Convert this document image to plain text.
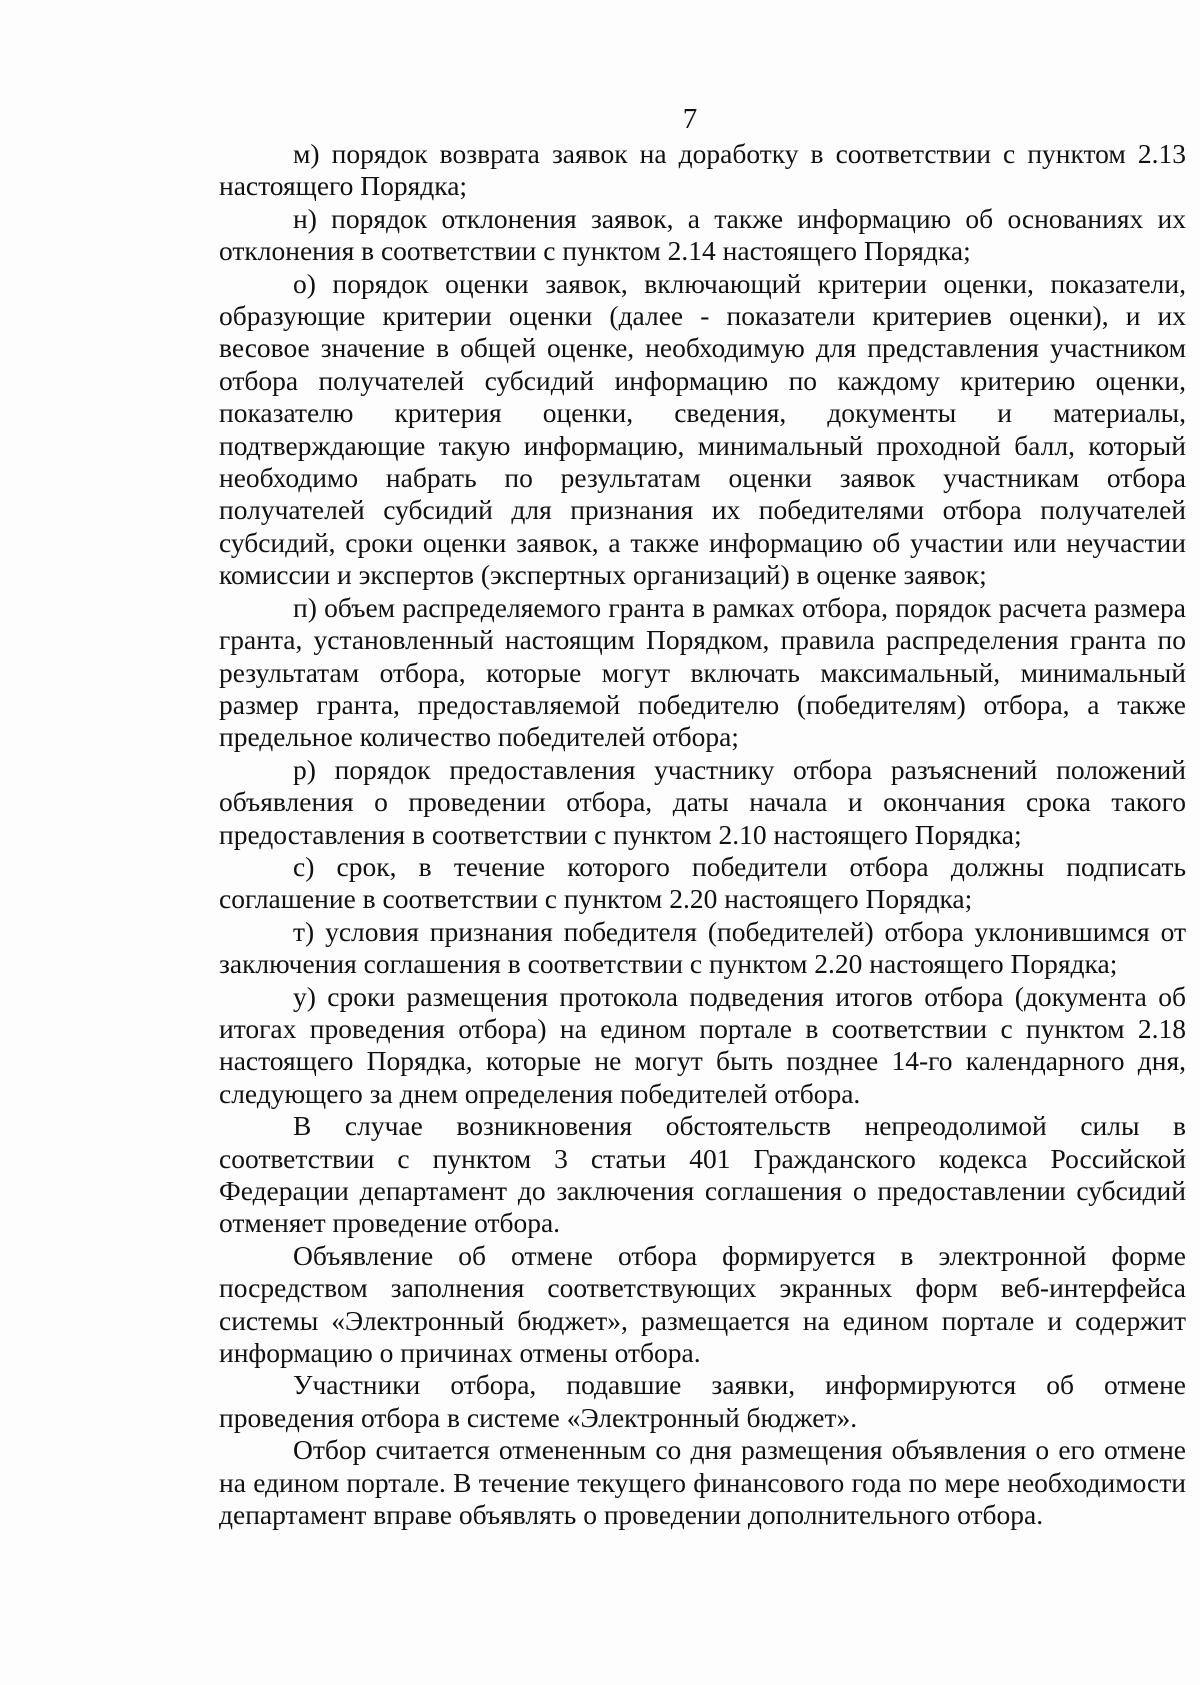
7

м) порядок возврата заявок на доработку в соответствии с пунктом 2.13 настоящего Порядка;

н) порядок отклонения заявок, а также информацию об основаниях их отклонения в соответствии с пунктом 2.14 настоящего Порядка;

о) порядок оценки заявок, включающий критерии оценки, показатели, образующие критерии оценки (далее - показатели критериев оценки), и их весовое значение в общей оценке, необходимую для представления участником отбора получателей субсидий информацию по каждому критерию оценки, показателю критерия оценки, сведения, документы и материалы, подтверждающие такую информацию, минимальный проходной балл, который необходимо набрать по результатам оценки заявок участникам отбора получателей субсидий для признания их победителями отбора получателей субсидий, сроки оценки заявок, а также информацию об участии или неучастии комиссии и экспертов (экспертных организаций) в оценке заявок;

п) объем распределяемого гранта в рамках отбора, порядок расчета размера гранта, установленный настоящим Порядком, правила распределения гранта по результатам отбора, которые могут включать максимальный, минимальный размер гранта, предоставляемой победителю (победителям) отбора, а также предельное количество победителей отбора;

р) порядок предоставления участнику отбора разъяснений положений объявления о проведении отбора, даты начала и окончания срока такого предоставления в соответствии с пунктом 2.10 настоящего Порядка;

с) срок, в течение которого победители отбора должны подписать соглашение в соответствии с пунктом 2.20 настоящего Порядка;

т) условия признания победителя (победителей) отбора уклонившимся от заключения соглашения в соответствии с пунктом 2.20 настоящего Порядка;

у) сроки размещения протокола подведения итогов отбора (документа об итогах проведения отбора) на едином портале в соответствии с пунктом 2.18 настоящего Порядка, которые не могут быть позднее 14-го календарного дня, следующего за днем определения победителей отбора.

В случае возникновения обстоятельств непреодолимой силы в соответствии с пунктом 3 статьи 401 Гражданского кодекса Российской Федерации департамент до заключения соглашения о предоставлении субсидий отменяет проведение отбора.

Объявление об отмене отбора формируется в электронной форме посредством заполнения соответствующих экранных форм веб-интерфейса системы «Электронный бюджет», размещается на едином портале и содержит информацию о причинах отмены отбора.

Участники отбора, подавшие заявки, информируются об отмене проведения отбора в системе «Электронный бюджет».

Отбор считается отмененным со дня размещения объявления о его отмене на едином портале. В течение текущего финансового года по мере необходимости департамент вправе объявлять о проведении дополнительного отбора.
